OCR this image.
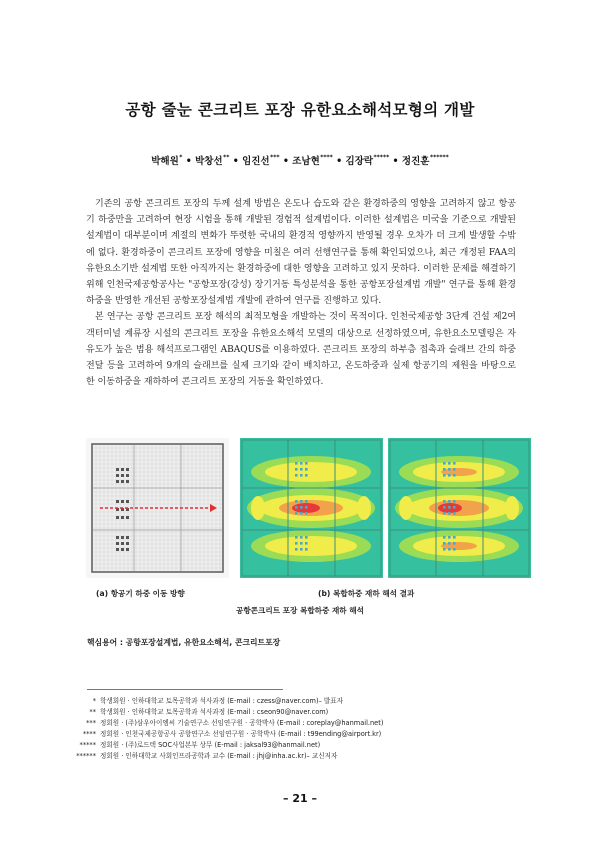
공항 줄눈 콘크리트 포장 유한요소해석모형의 개발
박해원* • 박창선** • 임진선*** • 조남현**** • 김장락***** • 정진훈******

기존의 공항 콘크리트 포장의 두께 설계 방법은 온도나 습도와 같은 환경하중의 영향을 고려하지 않고 항공기 하중만을 고려하여 현장 시험을 통해 개발된 경험적 설계법이다. 이러한 설계법은 미국을 기준으로 개발된 설계법이 대부분이며 계절의 변화가 뚜렷한 국내의 환경적 영향까지 반영될 경우 오차가 더 크게 발생할 수밖에 없다. 환경하중이 콘크리트 포장에 영향을 미칠은 여러 선행연구를 통해 확인되었으나, 최근 개정된 FAA의 유한요소기반 설계법 또한 아직까지는 환경하중에 대한 영향을 고려하고 있지 못하다. 이러한 문제를 해결하기 위해 인천국제공항공사는 "공항포장(강성) 장기거동 특성분석을 통한 공항포장설계법 개발" 연구를 통해 환경하중을 반영한 개선된 공항포장설계법 개발에 관하여 연구를 진행하고 있다.

본 연구는 공항 콘크리트 포장 해석의 최적모형을 개발하는 것이 목적이다. 인천국제공항 3단계 건설 제2여객터미널 계류장 시설의 콘크리트 포장을 유한요소해석 모델의 대상으로 선정하였으며, 유한요소모델링은 자유도가 높은 범용 해석프로그램인 ABAQUS를 이용하였다. 콘크리트 포장의 하부층 접촉과 슬래브 간의 하중 전달 등을 고려하여 9개의 슬래브를 실제 크기와 같이 배치하고, 온도하중과 실제 항공기의 제원을 바탕으로 한 이동하중을 재하하여 콘크리트 포장의 거동을 확인하였다.

(a) 항공기 하중 이동 방향	(b) 복합하중 재하 해석 결과
공항콘크리트 포장 복합하중 재하 해석
핵심용어 : 공항포장설계법, 유한요소해석, 콘크리트포장
* 학생회원 · 인하대학교 토목공학과 석사과정 (E-mail : czess@naver.com)– 발표자
** 학생회원 · 인하대학교 토목공학과 석사과정 (E-mail : cseon90@naver.com)
*** 정회원 · (주)삼우아이엠씨 기술연구소 선임연구원 · 공학박사 (E-mail : coreplay@hanmail.net)
**** 정회원 · 인천국제공항공사 공항연구소 선임연구원 · 공학박사 (E-mail : t99ending@airport.kr)
***** 정회원 · (주)로드텍 SOC사업본부 상무 (E-mail : jaksal93@hanmail.net)
****** 정회원 · 인하대학교 사회인프라공학과 교수 (E-mail : jhj@inha.ac.kr)– 교신저자
– 21 –
